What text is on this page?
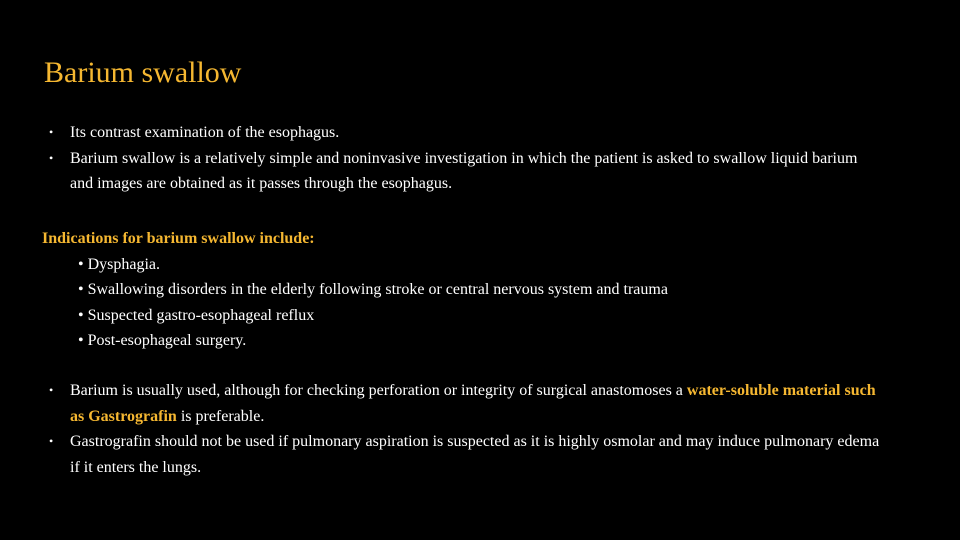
Barium swallow
• Its contrast examination of the esophagus.
• Barium swallow is a relatively simple and noninvasive investigation in which the patient is asked to swallow liquid barium and images are obtained as it passes through the esophagus.

Indications for barium swallow include:

• Dysphagia.
• Swallowing disorders in the elderly following stroke or central nervous system and trauma
• Suspected gastro-esophageal reflux
• Post-esophageal surgery.
• Barium is usually used, although for checking perforation or integrity of surgical anastomoses a water-soluble material such as Gastrografin is preferable.
• Gastrografin should not be used if pulmonary aspiration is suspected as it is highly osmolar and may induce pulmonary edema if it enters the lungs.
